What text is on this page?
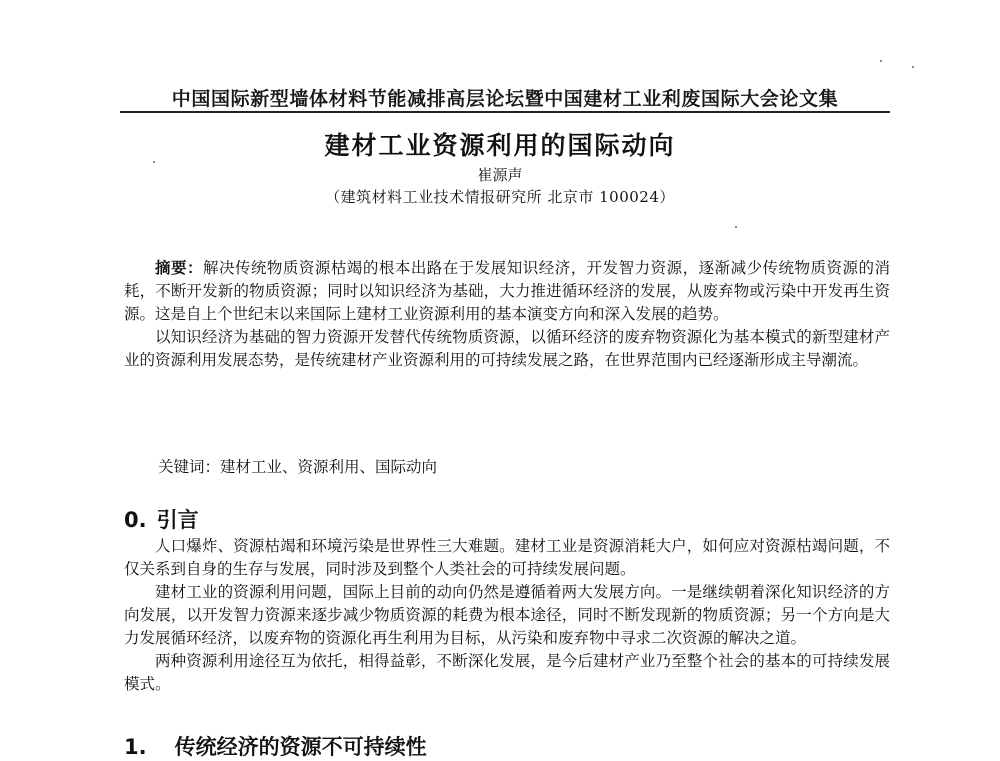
中国国际新型墙体材料节能减排高层论坛暨中国建材工业利废国际大会论文集
建材工业资源利用的国际动向
崔源声
（建筑材料工业技术情报研究所 北京市 100024）

摘要：解决传统物质资源枯竭的根本出路在于发展知识经济，开发智力资源，逐渐减少传统物质资源的消耗，不断开发新的物质资源；同时以知识经济为基础，大力推进循环经济的发展，从废弃物或污染中开发再生资源。这是自上个世纪末以来国际上建材工业资源利用的基本演变方向和深入发展的趋势。

以知识经济为基础的智力资源开发替代传统物质资源，以循环经济的废弃物资源化为基本模式的新型建材产业的资源利用发展态势，是传统建材产业资源利用的可持续发展之路，在世界范围内已经逐渐形成主导潮流。

关键词：建材工业、资源利用、国际动向
0. 引言

人口爆炸、资源枯竭和环境污染是世界性三大难题。建材工业是资源消耗大户，如何应对资源枯竭问题，不仅关系到自身的生存与发展，同时涉及到整个人类社会的可持续发展问题。

建材工业的资源利用问题，国际上目前的动向仍然是遵循着两大发展方向。一是继续朝着深化知识经济的方向发展，以开发智力资源来逐步减少物质资源的耗费为根本途径，同时不断发现新的物质资源；另一个方向是大力发展循环经济，以废弃物的资源化再生利用为目标，从污染和废弃物中寻求二次资源的解决之道。

两种资源利用途径互为依托，相得益彰，不断深化发展，是今后建材产业乃至整个社会的基本的可持续发展模式。

1. 传统经济的资源不可持续性
